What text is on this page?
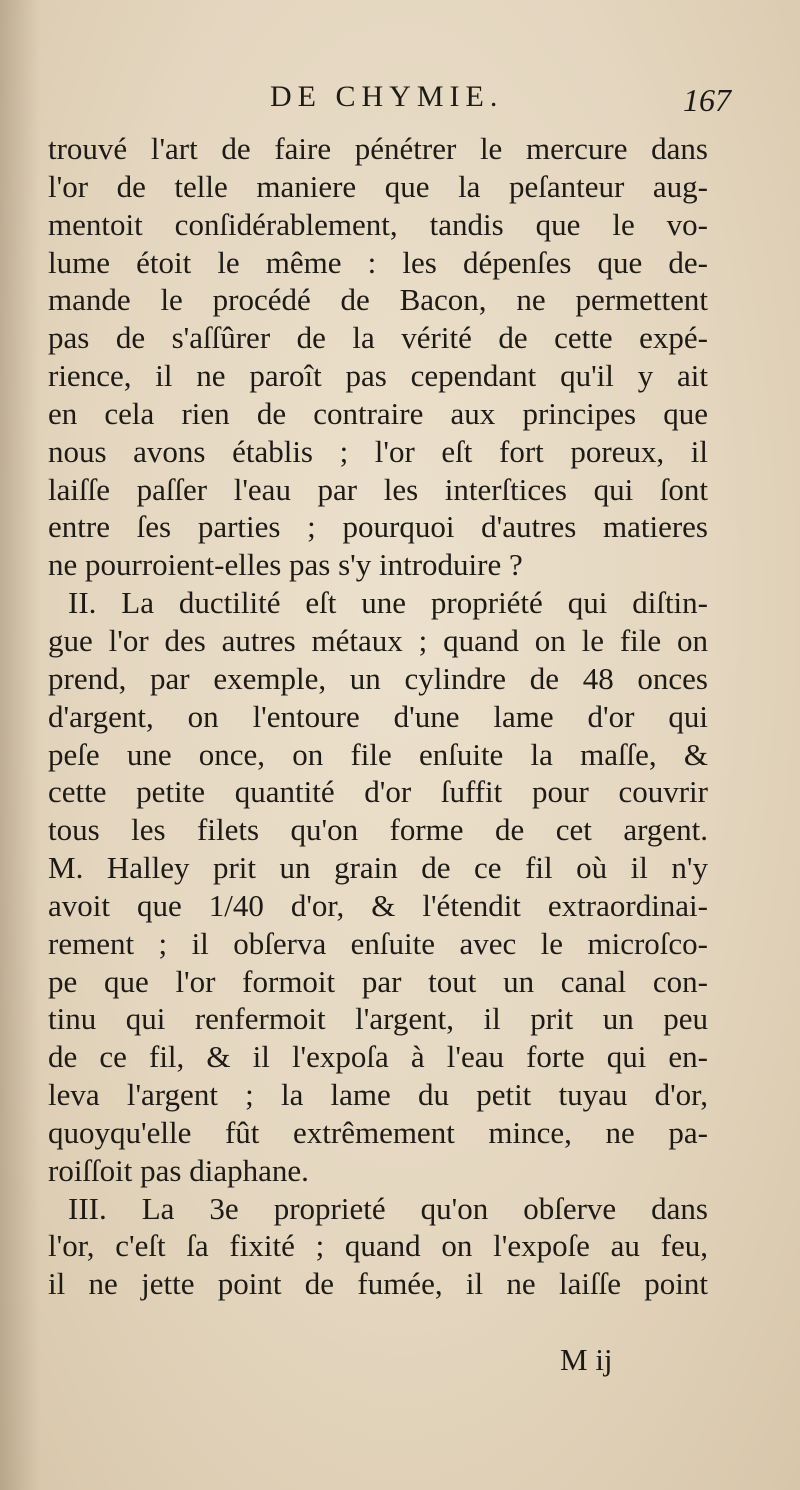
DE CHYMIE.	167
trouvé l'art de faire pénétrer le mercure dans
l'or de telle maniere que la peſanteur aug-
mentoit conſidérablement, tandis que le vo-
lume étoit le même : les dépenſes que de-
mande le procédé de Bacon, ne permettent
pas de s'aſſûrer de la vérité de cette expé-
rience, il ne paroît pas cependant qu'il y ait
en cela rien de contraire aux principes que
nous avons établis ; l'or eſt fort poreux, il
laiſſe paſſer l'eau par les interſtices qui ſont
entre ſes parties ; pourquoi d'autres matieres
ne pourroient-elles pas s'y introduire ?
II. La ductilité eſt une propriété qui diſtin-
gue l'or des autres métaux ; quand on le file on
prend, par exemple, un cylindre de 48 onces
d'argent, on l'entoure d'une lame d'or qui
peſe une once, on file enſuite la maſſe, &
cette petite quantité d'or ſuffit pour couvrir
tous les filets qu'on forme de cet argent.
M. Halley prit un grain de ce fil où il n'y
avoit que 1/40 d'or, & l'étendit extraordinai-
rement ; il obſerva enſuite avec le microſco-
pe que l'or formoit par tout un canal con-
tinu qui renfermoit l'argent, il prit un peu
de ce fil, & il l'expoſa à l'eau forte qui en-
leva l'argent ; la lame du petit tuyau d'or,
quoyqu'elle fût extrêmement mince, ne pa-
roiſſoit pas diaphane.
III. La 3e proprieté qu'on obſerve dans
l'or, c'eſt ſa fixité ; quand on l'expoſe au feu,
il ne jette point de fumée, il ne laiſſe point
M ij
